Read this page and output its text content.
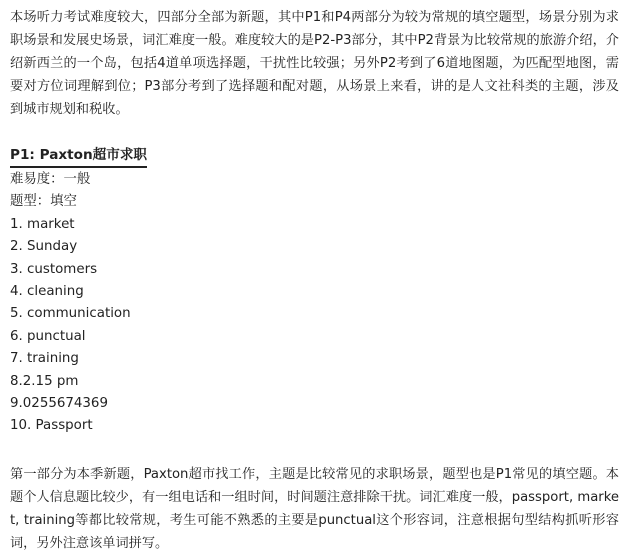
本场听力考试难度较大，四部分全部为新题，其中P1和P4两部分为较为常规的填空题型，场景分别为求职场景和发展史场景，词汇难度一般。难度较大的是P2-P3部分，其中P2背景为比较常规的旅游介绍，介绍新西兰的一个岛，包括4道单项选择题，干扰性比较强；另外P2考到了6道地图题，为匹配型地图，需要对方位词理解到位；P3部分考到了选择题和配对题，从场景上来看，讲的是人文社科类的主题，涉及到城市规划和税收。

P1: Paxton超市求职

难易度：一般

题型：填空

1. market

2. Sunday

3. customers

4. cleaning

5. communication

6. punctual

7. training

8.2.15 pm

9.0255674369

10. Passport

第一部分为本季新题，Paxton超市找工作，主题是比较常见的求职场景，题型也是P1常见的填空题。本题个人信息题比较少，有一组电话和一组时间，时间题注意排除干扰。词汇难度一般，passport, market, training等都比较常规，考生可能不熟悉的主要是punctual这个形容词，注意根据句型结构抓听形容词，另外注意该单词拼写。
